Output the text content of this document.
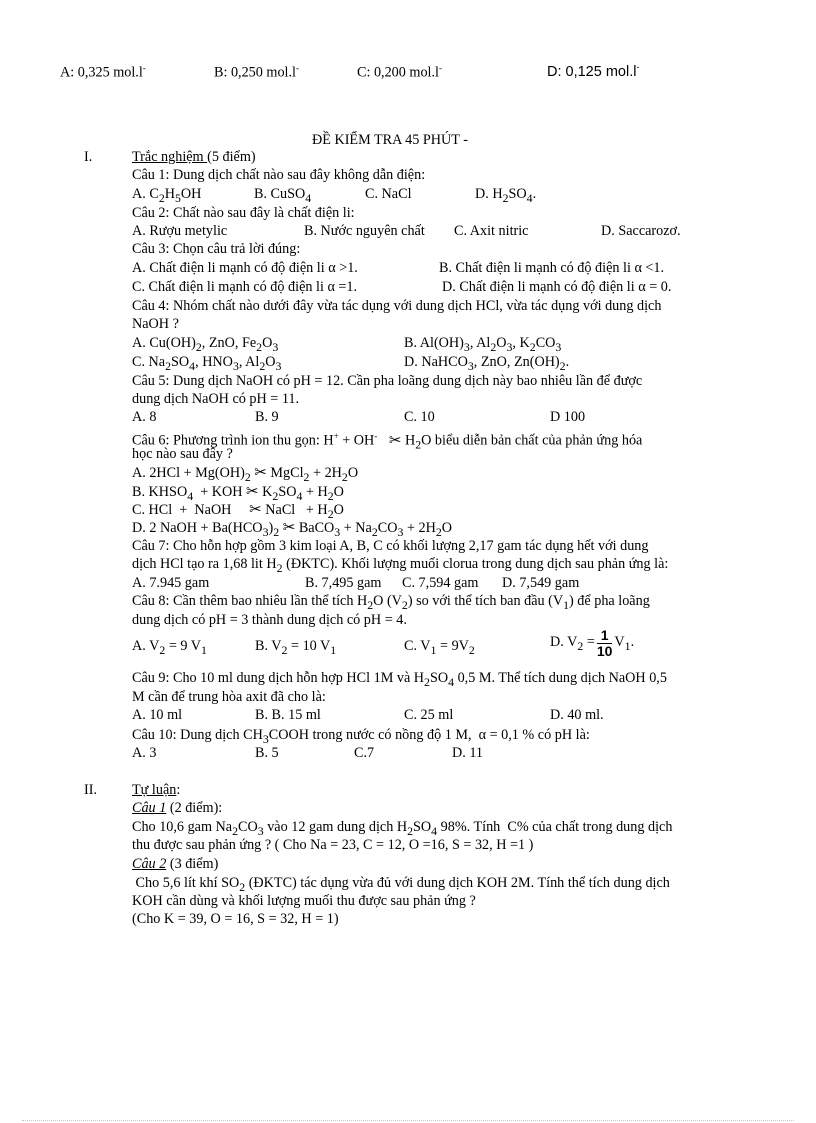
A: 0,325 mol.l-	B: 0,250 mol.l-	C: 0,200 mol.l-	D: 0,125 mol.l-
ĐỀ KIỂM TRA 45 PHÚT -
I.	Trắc nghiệm (5 điểm)
Câu 1: Dung dịch chất nào sau đây không dẫn điện:
A. $C_2H_5OH$	B. CuSO$_4$	C. NaCl	D. $H_2SO_4$.
Câu 2: Chất nào sau đây là chất điện li:
A. Rượu metylic	B. Nước nguyên chất C. Axit nitric	D. Saccarozơ.
Câu 3: Chọn câu trả lời đúng:
A. Chất điện li mạnh có độ điện li α >1.	B. Chất điện li mạnh có độ điện li α <1.
C. Chất điện li mạnh có độ điện li α =1.	D. Chất điện li mạnh có độ điện li α = 0.
Câu 4: Nhóm chất nào dưới đây vừa tác dụng với dung dịch HCl, vừa tác dụng với dung dịch
NaOH ?
A. $Cu(OH)_2$, ZnO, $Fe_2O_3$	B. $Al(OH)_3$, $Al_2O_3$, $K_2CO_3$
C. $Na_2SO_4$, $HNO_3$, $Al_2O_3$	D. NaHCO$_3$, ZnO, $Zn(OH)_2$.
Câu 5: Dung dịch NaOH có pH = 12. Cần pha loãng dung dịch này bao nhiêu lần để được
dung dịch NaOH có pH = 11.
A. 8	B. 9	C. 10	D 100
Câu 6: Phương trình ion thu gọn: H+ + OH- ✂ $H_2O$ biểu diễn bản chất của phản ứng hóa
học nào sau đây ?
A. $2HCl + Mg(OH)_2$ ✂ MgCl$_2$ + $2H_2O$
B. $KHSO_4$  + KOH ✂ $K_2SO_4 + H_2O$
C. HCl  +  NaOH     ✂ NaCl   + $H_2O$
D. 2 NaOH + $Ba(HCO_3)_2$ ✂ BaCO$_3$ + $Na_2CO_3 + 2H_2O$
Câu 7: Cho hỗn hợp gồm 3 kim loại A, B, C có khối lượng 2,17 gam tác dụng hết với dung
dịch HCl tạo ra 1,68 lit $H_2$ (ĐKTC). Khối lượng muối clorua trong dung dịch sau phản ứng là:
A. 7.945 gam	B. 7,495 gam C. 7,594 gam D. 7,549 gam
Câu 8: Cần thêm bao nhiêu lần thể tích $H_2O$ $(V_2)$ so với thể tích ban đầu $(V_1)$ để pha loãng
dung dịch có pH = 3 thành dung dịch có pH = 4.
A. $V_2 = 9$ $V_1$	B. $V_2 = 10$ $V_1$	C. $V_1 = 9V_2$
D. $V_2 = \frac{1}{10} V_1$.
Câu 9: Cho 10 ml dung dịch hỗn hợp HCl 1M và $H_2SO_4$ 0,5 M. Thể tích dung dịch NaOH 0,5
M cần để trung hòa axit đã cho là:
A. 10 ml	B. B. 15 ml	C. 25 ml	D. 40 ml.
Câu 10: Dung dịch $CH_3COOH$ trong nước có nồng độ 1 M,  α = 0,1 % có pH là:
A. 3	B. 5	C.7	D. 11
II. Tự luận:
Câu 1 (2 điểm):
Cho 10,6 gam $Na_2CO_3$ vào 12 gam dung dịch $H_2SO_4$ 98%. Tính  C% của chất trong dung dịch
thu được sau phản ứng ? ( Cho Na = 23, C = 12, O =16, S = 32, H =1 )
Câu 2 (3 điểm)
Cho 5,6 lít khí $SO_2$ (ĐKTC) tác dụng vừa đủ với dung dịch KOH 2M. Tính thể tích dung dịch
KOH cần dùng và khối lượng muối thu được sau phản ứng ?
(Cho K = 39, O = 16, S = 32, H = 1)
